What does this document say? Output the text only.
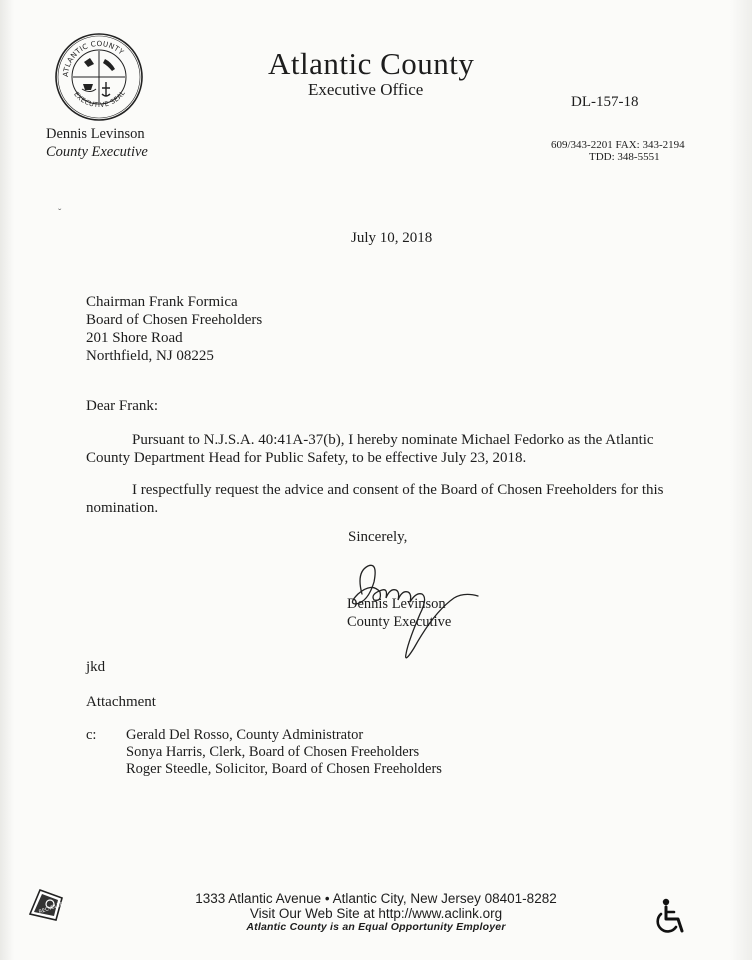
ATLANTIC COUNTY
EXECUTIVE SEAL
Atlantic County
Executive Office
DL-157-18
Dennis Levinson
County Executive	609/343-2201 FAX: 343-2194
TDD: 348-5551
ˇ
July 10, 2018
Chairman Frank Formica
Board of Chosen Freeholders
201 Shore Road
Northfield, NJ 08225
Dear Frank:
Pursuant to N.J.S.A. 40:41A-37(b), I hereby nominate Michael Fedorko as the Atlantic County Department Head for Public Safety, to be effective July 23, 2018.
I respectfully request the advice and consent of the Board of Chosen Freeholders for this nomination.
Sincerely,
Dennis Levinson
County Executive
jkd
Attachment
c: Gerald Del Rosso, County Administrator
Sonya Harris, Clerk, Board of Chosen Freeholders
Roger Steedle, Solicitor, Board of Chosen Freeholders
RECYCLED
1333 Atlantic Avenue • Atlantic City, New Jersey 08401-8282
Visit Our Web Site at http://www.aclink.org
Atlantic County is an Equal Opportunity Employer
